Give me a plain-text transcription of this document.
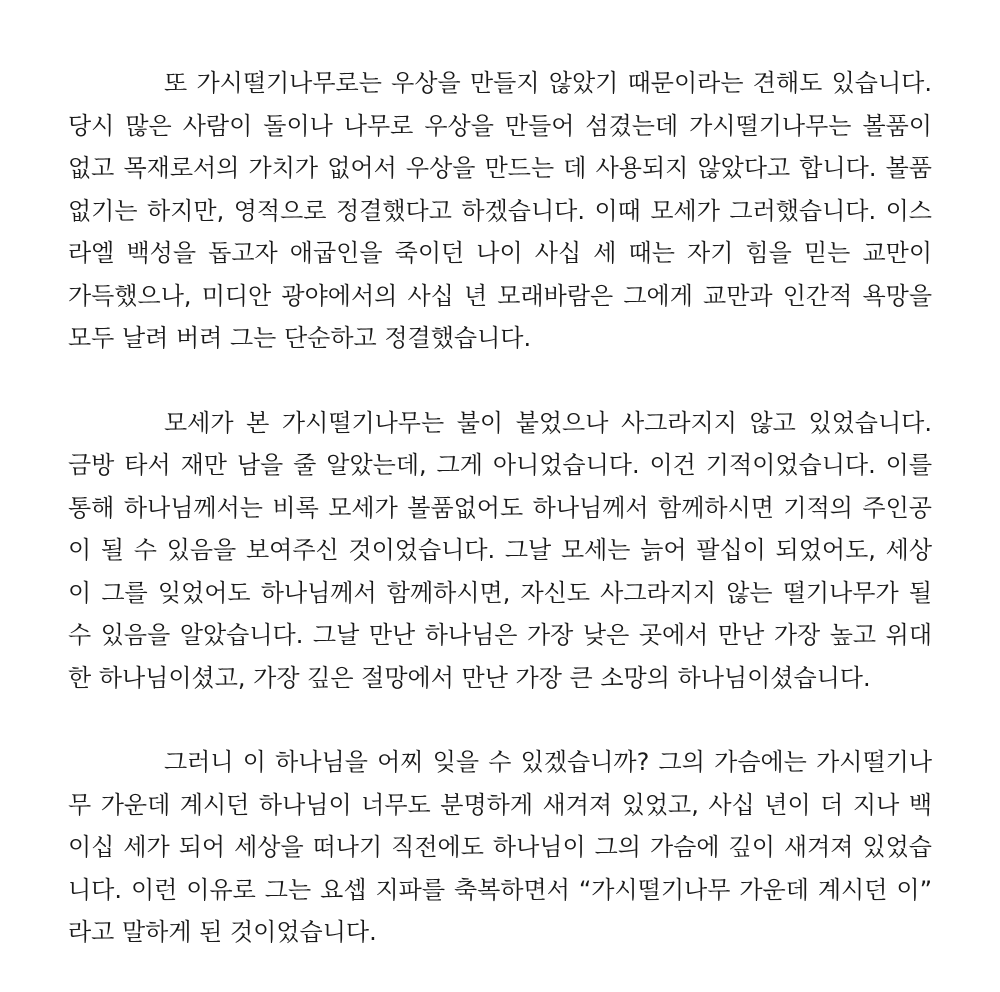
또 가시떨기나무로는 우상을 만들지 않았기 때문이라는 견해도 있습니다.
당시 많은 사람이 돌이나 나무로 우상을 만들어 섬겼는데 가시떨기나무는 볼품이
없고 목재로서의 가치가 없어서 우상을 만드는 데 사용되지 않았다고 합니다. 볼품
없기는 하지만, 영적으로 정결했다고 하겠습니다. 이때 모세가 그러했습니다. 이스
라엘 백성을 돕고자 애굽인을 죽이던 나이 사십 세 때는 자기 힘을 믿는 교만이
가득했으나, 미디안 광야에서의 사십 년 모래바람은 그에게 교만과 인간적 욕망을
모두 날려 버려 그는 단순하고 정결했습니다.
모세가 본 가시떨기나무는 불이 붙었으나 사그라지지 않고 있었습니다.
금방 타서 재만 남을 줄 알았는데, 그게 아니었습니다. 이건 기적이었습니다. 이를
통해 하나님께서는 비록 모세가 볼품없어도 하나님께서 함께하시면 기적의 주인공
이 될 수 있음을 보여주신 것이었습니다. 그날 모세는 늙어 팔십이 되었어도, 세상
이 그를 잊었어도 하나님께서 함께하시면, 자신도 사그라지지 않는 떨기나무가 될
수 있음을 알았습니다. 그날 만난 하나님은 가장 낮은 곳에서 만난 가장 높고 위대
한 하나님이셨고, 가장 깊은 절망에서 만난 가장 큰 소망의 하나님이셨습니다.
그러니 이 하나님을 어찌 잊을 수 있겠습니까? 그의 가슴에는 가시떨기나
무 가운데 계시던 하나님이 너무도 분명하게 새겨져 있었고, 사십 년이 더 지나 백
이십 세가 되어 세상을 떠나기 직전에도 하나님이 그의 가슴에 깊이 새겨져 있었습
니다. 이런 이유로 그는 요셉 지파를 축복하면서 “가시떨기나무 가운데 계시던 이”
라고 말하게 된 것이었습니다.
